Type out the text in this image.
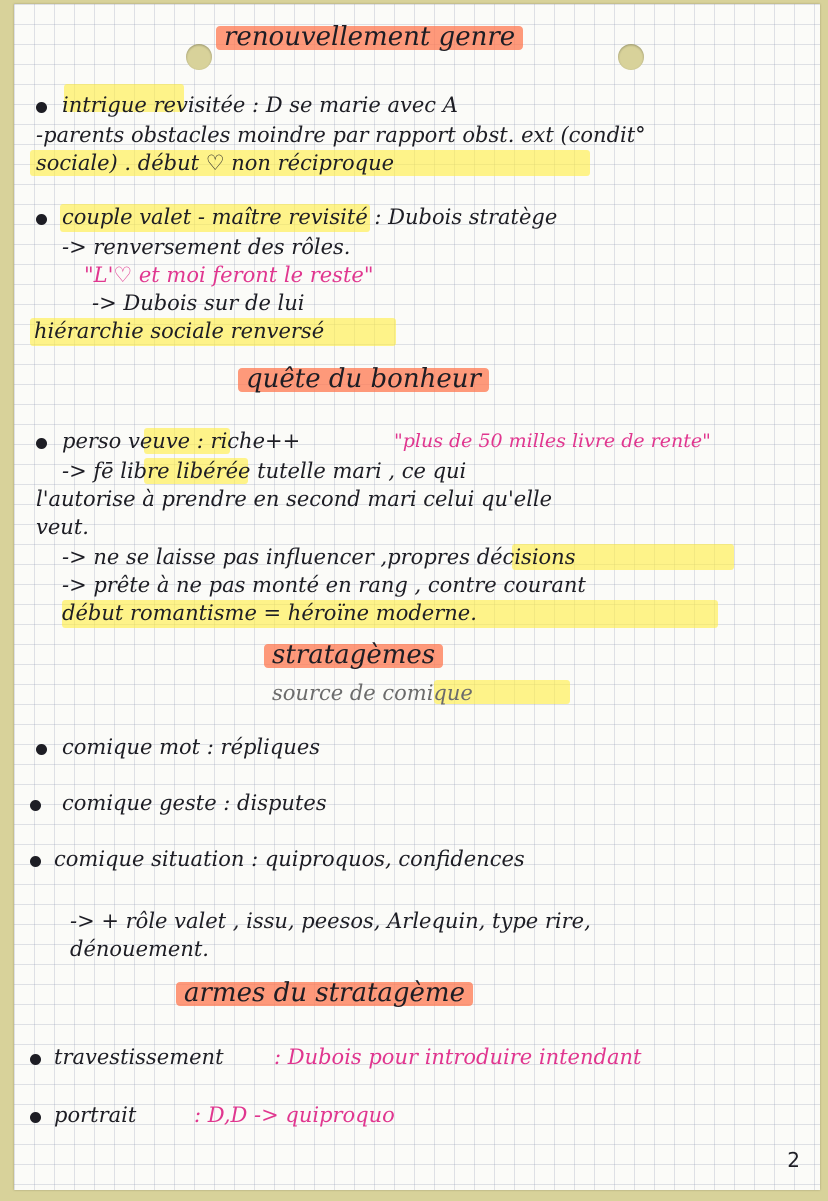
renouvellement genre
intrigue revisitée : D se marie avec A
-parents obstacles moindre par rapport obst. ext (condit°
sociale) . début ♡ non réciproque
couple valet - maître revisité : Dubois stratège
-> renversement des rôles.
"L'♡ et moi feront le reste"
-> Dubois sur de lui
hiérarchie sociale renversé
quête du bonheur
perso veuve : riche++	"plus de 50 milles livre de rente"
-> fē libre libérée tutelle mari , ce qui
l'autorise à prendre en second mari celui qu'elle
veut.
-> ne se laisse pas influencer ,propres décisions
-> prête à ne pas monté en rang , contre courant
début romantisme = héroïne moderne.
stratagèmes
source de comique
comique mot : répliques
comique geste : disputes
comique situation : quiproquos, confidences
-> + rôle valet , issu, peesos, Arlequin, type rire,
dénouement.
armes du stratagème
travestissement : Dubois pour introduire intendant
portrait	: D,D -> quiproquo
2
